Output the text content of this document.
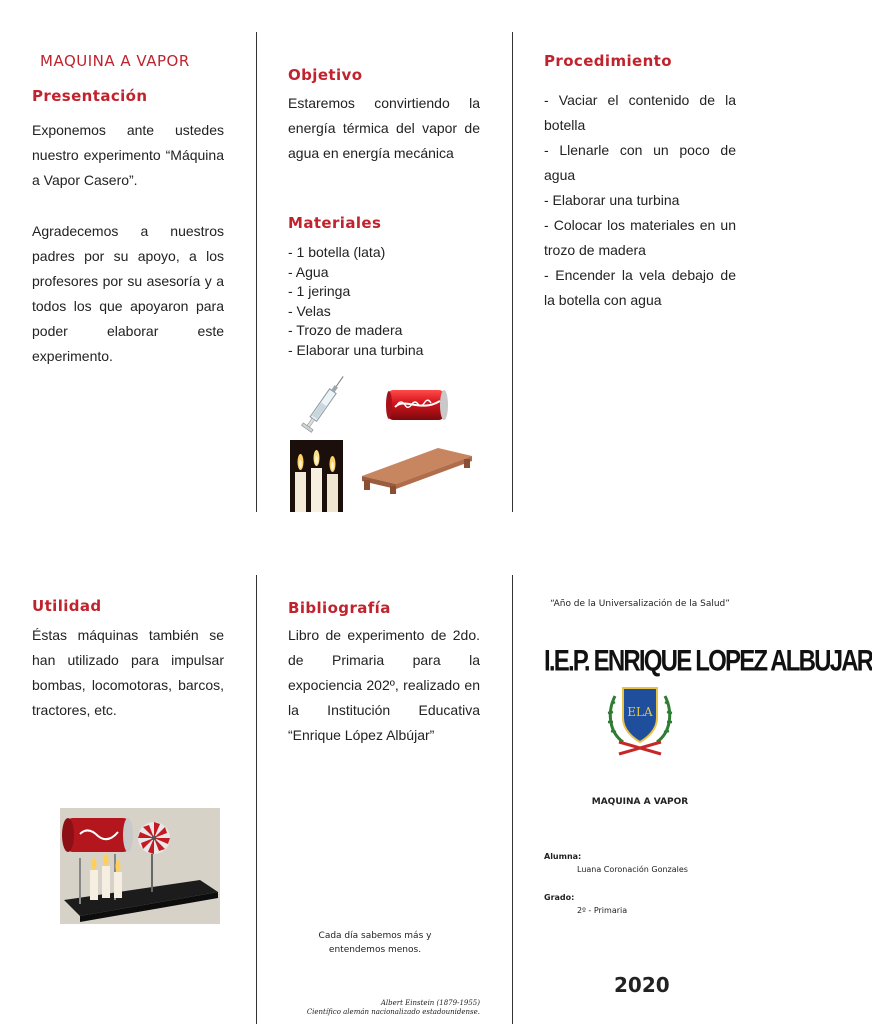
MAQUINA A VAPOR
Presentación
Exponemos ante ustedes nuestro experimento “Máquina a Vapor Casero”.
Agradecemos a nuestros padres por su apoyo, a los profesores por su asesoría y a todos los que apoyaron para poder elaborar este experimento.
Objetivo
Estaremos convirtiendo la energía térmica del vapor de agua en energía mecánica
Materiales
- 1 botella (lata)
- Agua
- 1 jeringa
- Velas
- Trozo de madera
- Elaborar una turbina
Procedimiento
- Vaciar el contenido de la botella
- Llenarle con un poco de agua
- Elaborar una turbina
- Colocar los materiales en un trozo de madera
- Encender la vela debajo de la botella con agua
Utilidad
Éstas máquinas también se han utilizado para impulsar bombas, locomotoras, barcos, tractores, etc.
Bibliografía
Libro de experimento de 2do. de Primaria para la expociencia 202º, realizado en la Institución Educativa “Enrique López Albújar”
Cada día sabemos más y entendemos menos.
Albert Einstein (1879-1955)
Científico alemán nacionalizado estadounidense.
“Año de la Universalización de la Salud”
I.E.P. ENRIQUE LOPEZ ALBUJAR
ELA
MAQUINA A VAPOR
Alumna:
Luana Coronación Gonzales
Grado:
2º - Primaria
2020
